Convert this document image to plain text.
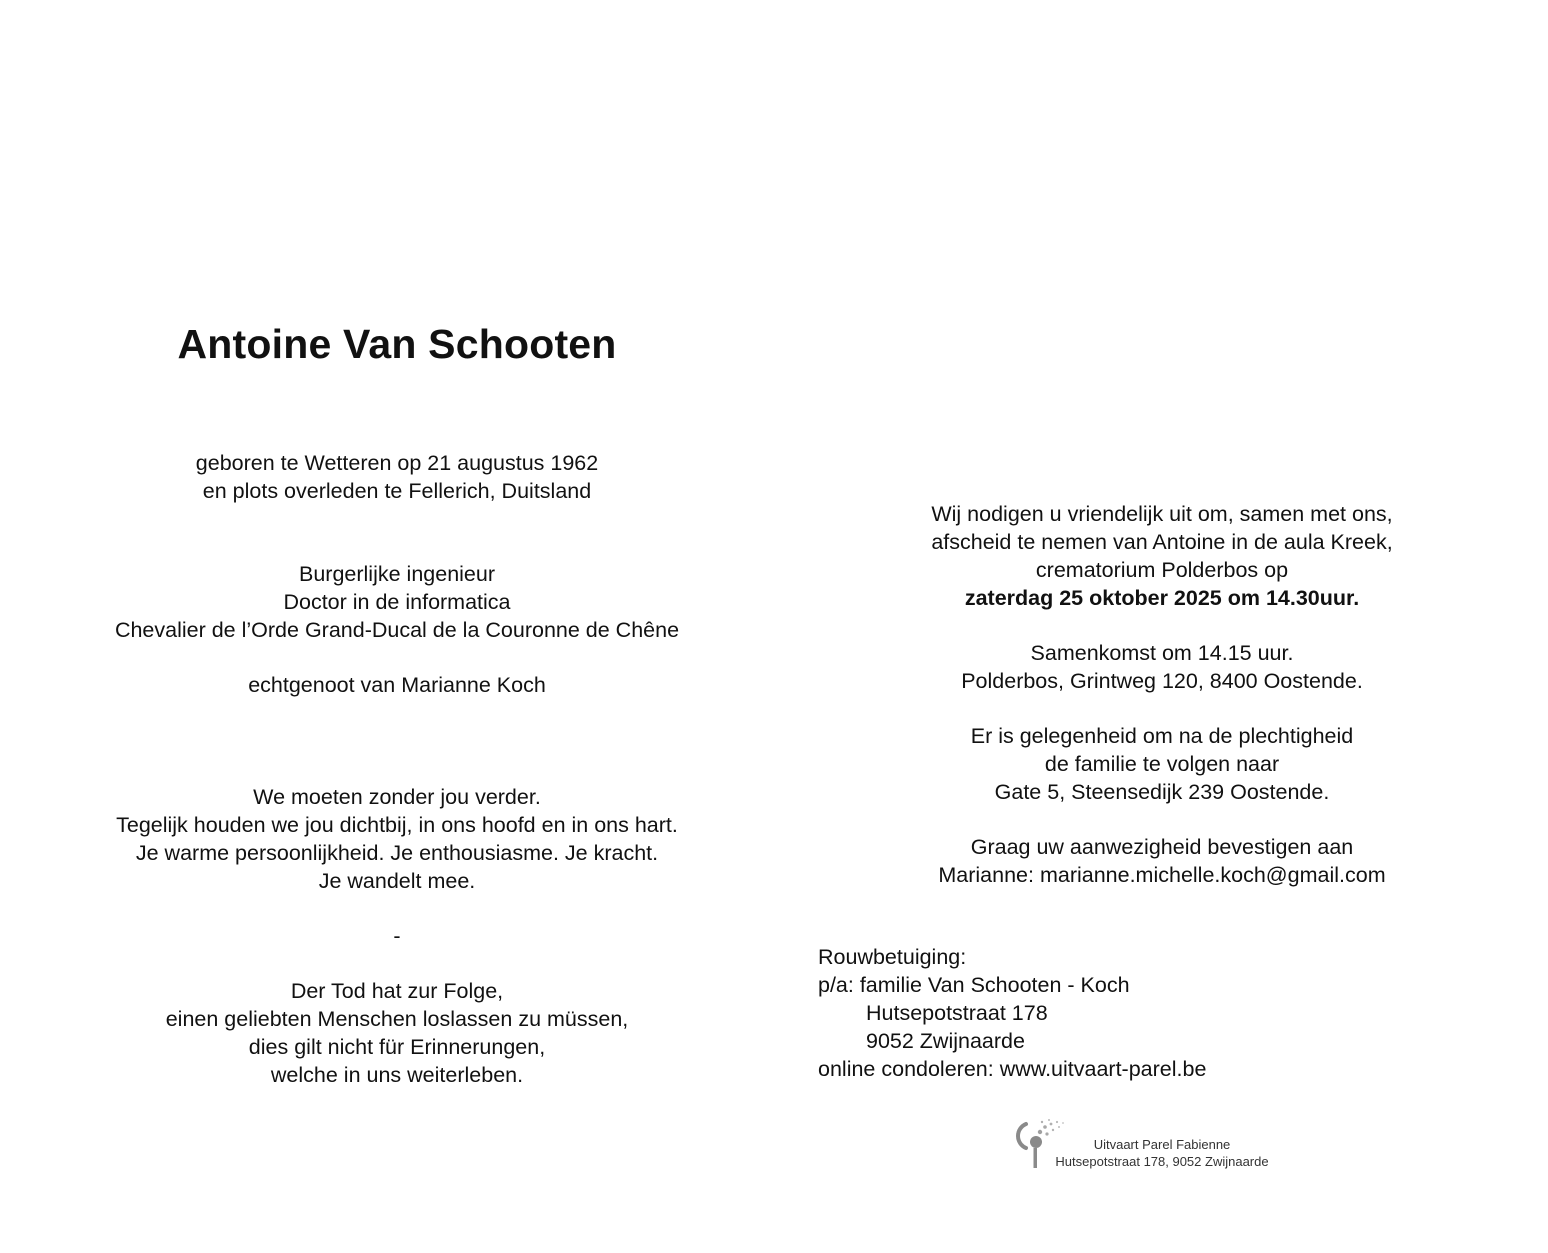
Antoine Van Schooten
geboren te Wetteren op 21 augustus 1962
en plots overleden te Fellerich, Duitsland
Burgerlijke ingenieur
Doctor in de informatica
Chevalier de l’Orde Grand-Ducal de la Couronne de Chêne
echtgenoot van Marianne Koch
We moeten zonder jou verder.
Tegelijk houden we jou dichtbij, in ons hoofd en in ons hart.
Je warme persoonlijkheid. Je enthousiasme. Je kracht.
Je wandelt mee.
-
Der Tod hat zur Folge,
einen geliebten Menschen loslassen zu müssen,
dies gilt nicht für Erinnerungen,
welche in uns weiterleben.
Wij nodigen u vriendelijk uit om, samen met ons,
afscheid te nemen van Antoine in de aula Kreek,
crematorium Polderbos op
zaterdag 25 oktober 2025 om 14.30uur.
Samenkomst om 14.15 uur.
Polderbos, Grintweg 120, 8400 Oostende.
Er is gelegenheid om na de plechtigheid
de familie te volgen naar
Gate 5, Steensedijk 239 Oostende.
Graag uw aanwezigheid bevestigen aan
Marianne: marianne.michelle.koch@gmail.com
Rouwbetuiging:
p/a: familie Van Schooten - Koch
Hutsepotstraat 178
9052 Zwijnaarde
online condoleren: www.uitvaart-parel.be
Uitvaart Parel Fabienne
Hutsepotstraat 178, 9052 Zwijnaarde
